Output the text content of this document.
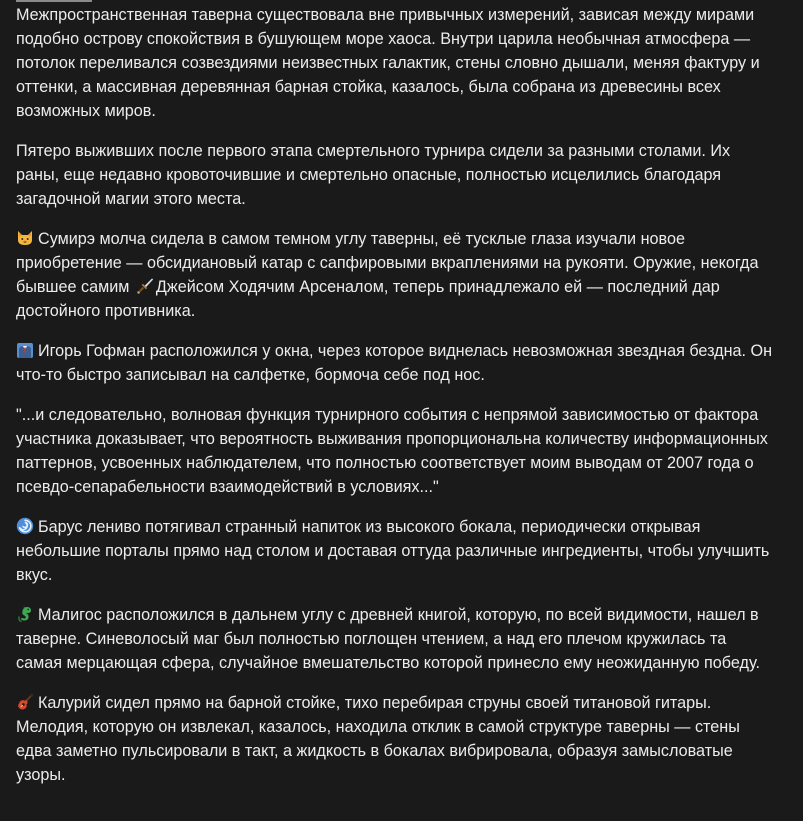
Межпространственная таверна существовала вне привычных измерений, зависая между мирами подобно острову спокойствия в бушующем море хаоса. Внутри царила необычная атмосфера — потолок переливался созвездиями неизвестных галактик, стены словно дышали, меняя фактуру и оттенки, а массивная деревянная барная стойка, казалось, была собрана из древесины всех возможных миров.

Пятеро выживших после первого этапа смертельного турнира сидели за разными столами. Их раны, еще недавно кровоточившие и смертельно опасные, полностью исцелились благодаря загадочной магии этого места.

Сумирэ молча сидела в самом темном углу таверны, её тусклые глаза изучали новое приобретение — обсидиановый катар с сапфировыми вкраплениями на рукояти. Оружие, некогда бывшее самим Джейсом Ходячим Арсеналом, теперь принадлежало ей — последний дар достойного противника.

Игорь Гофман расположился у окна, через которое виднелась невозможная звездная бездна. Он что-то быстро записывал на салфетке, бормоча себе под нос.

"...и следовательно, волновая функция турнирного события с непрямой зависимостью от фактора участника доказывает, что вероятность выживания пропорциональна количеству информационных паттернов, усвоенных наблюдателем, что полностью соответствует моим выводам от 2007 года о псевдо-сепарабельности взаимодействий в условиях..."

Барус лениво потягивал странный напиток из высокого бокала, периодически открывая небольшие порталы прямо над столом и доставая оттуда различные ингредиенты, чтобы улучшить вкус.

Малигос расположился в дальнем углу с древней книгой, которую, по всей видимости, нашел в таверне. Синеволосый маг был полностью поглощен чтением, а над его плечом кружилась та самая мерцающая сфера, случайное вмешательство которой принесло ему неожиданную победу.

Калурий сидел прямо на барной стойке, тихо перебирая струны своей титановой гитары. Мелодия, которую он извлекал, казалось, находила отклик в самой структуре таверны — стены едва заметно пульсировали в такт, а жидкость в бокалах вибрировала, образуя замысловатые узоры.
